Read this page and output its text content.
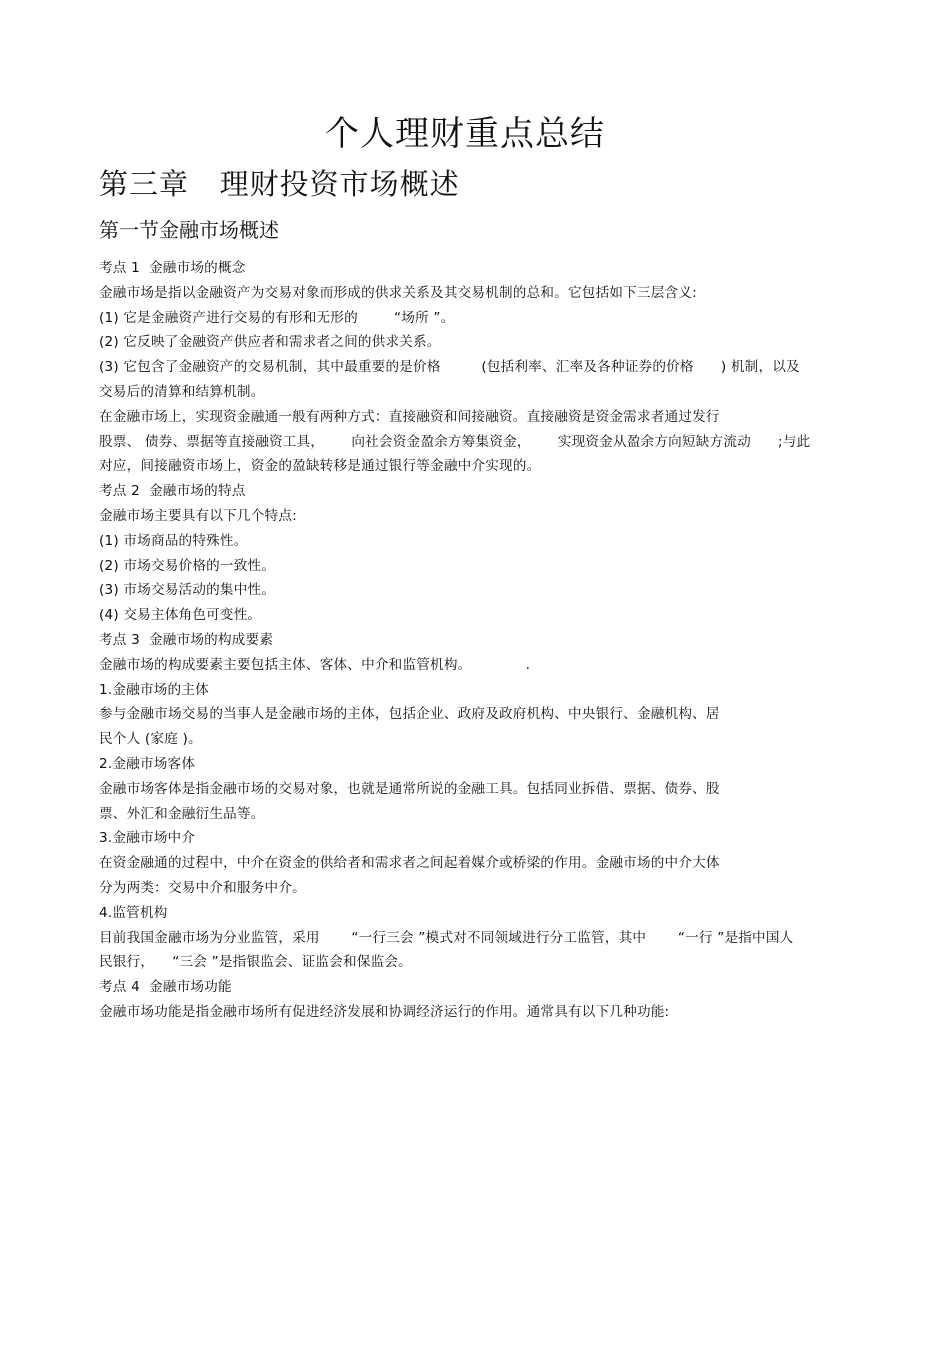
个人理财重点总结
第三章   理财投资市场概述
第一节金融市场概述
考点 1  金融市场的概念
金融市场是指以金融资产为交易对象而形成的供求关系及其交易机制的总和。它包括如下三层含义:
(1) 它是金融资产进行交易的有形和无形的        “场所 ”。
(2) 它反映了金融资产供应者和需求者之间的供求关系。
(3) 它包含了金融资产的交易机制，其中最重要的是价格         (包括利率、汇率及各种证券的价格      ) 机制，以及
交易后的清算和结算机制。
在金融市场上，实现资金融通一般有两种方式：直接融资和间接融资。直接融资是资金需求者通过发行
股票、 债券、票据等直接融资工具，      向社会资金盈余方筹集资金，      实现资金从盈余方向短缺方流动      ;与此
对应，间接融资市场上，资金的盈缺转移是通过银行等金融中介实现的。
考点 2  金融市场的特点
金融市场主要具有以下几个特点:
(1) 市场商品的特殊性。
(2) 市场交易价格的一致性。
(3) 市场交易活动的集中性。
(4) 交易主体角色可变性。
考点 3  金融市场的构成要素
金融市场的构成要素主要包括主体、客体、中介和监管机构。            .
1.金融市场的主体
参与金融市场交易的当事人是金融市场的主体，包括企业、政府及政府机构、中央银行、金融机构、居
民个人 (家庭 )。
2.金融市场客体
金融市场客体是指金融市场的交易对象，也就是通常所说的金融工具。包括同业拆借、票据、债券、股
票、外汇和金融衍生品等。
3.金融市场中介
在资金融通的过程中，中介在资金的供给者和需求者之间起着媒介或桥梁的作用。金融市场的中介大体
分为两类：交易中介和服务中介。
4.监管机构
目前我国金融市场为分业监管，采用       “一行三会 ”模式对不同领域进行分工监管，其中       “一行 ”是指中国人
民银行，    “三会 ”是指银监会、证监会和保监会。
考点 4  金融市场功能
金融市场功能是指金融市场所有促进经济发展和协调经济运行的作用。通常具有以下几种功能:
